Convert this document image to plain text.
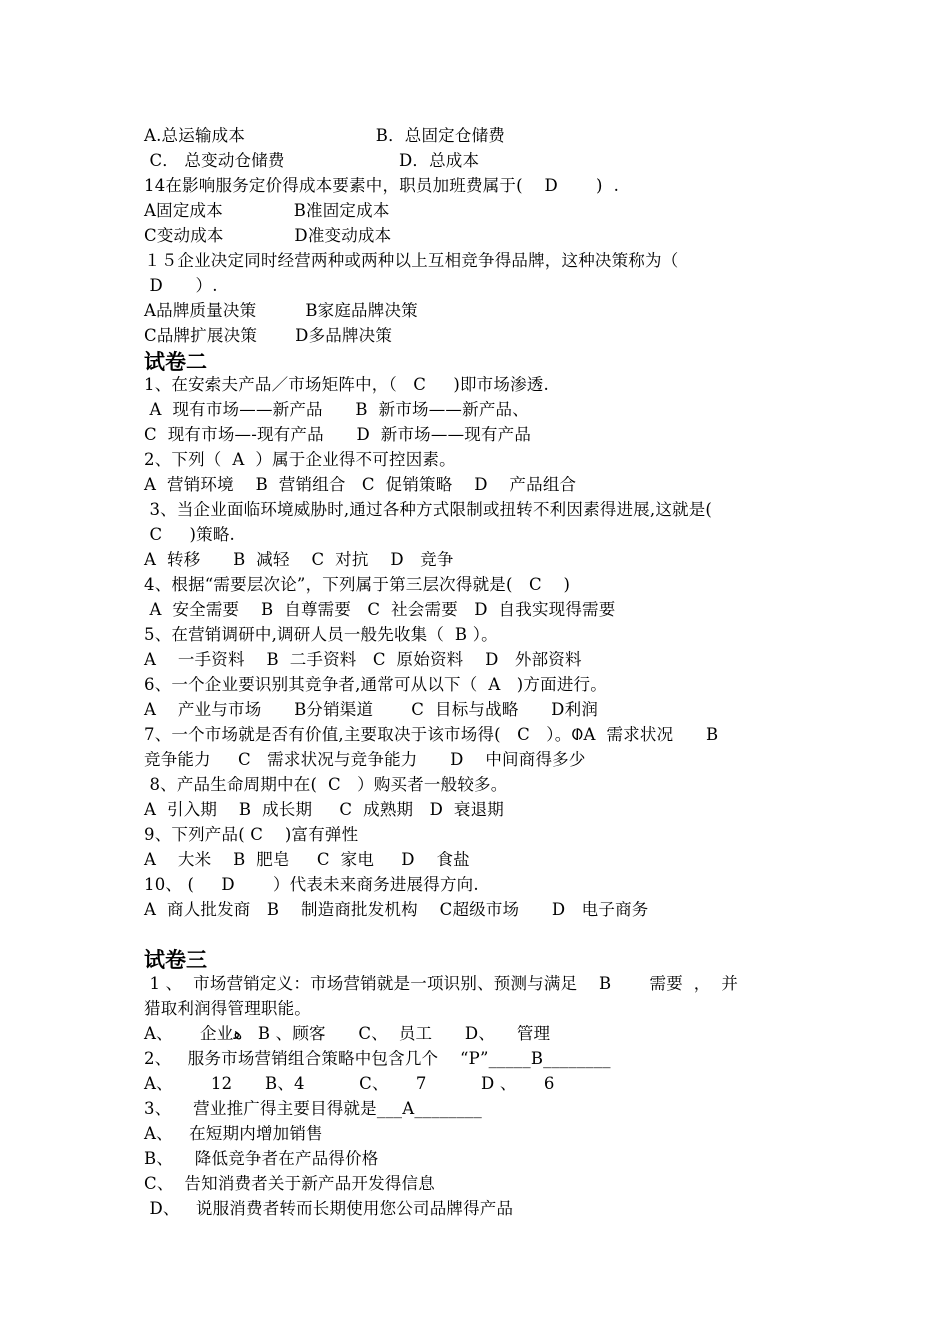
A.总运输成本                        B．总固定仓储费
C． 总变动仓储费                     D．总成本
14在影响服务定价得成本要素中，职员加班费属于(    D       )  .
A固定成本             B准固定成本
C变动成本             D准变动成本
１５企业决定同时经营两种或两种以上互相竞争得品牌，这种决策称为（
D      ）.
A品牌质量决策         B家庭品牌决策
C品牌扩展决策       D多品牌决策
试卷二
1、在安索夫产品／市场矩阵中，（   C     )即市场渗透.
A  现有市场——新产品      B  新市场——新产品、
C  现有市场—-现有产品      D  新市场——现有产品
2、下列（  A  ）属于企业得不可控因素。
A  营销环境    B  营销组合   C  促销策略    D    产品组合
3、当企业面临环境威胁时,通过各种方式限制或扭转不利因素得进展,这就是(
C     )策略.
A  转移      B  减轻    C  对抗    D   竞争
4、根据“需要层次论”，下列属于第三层次得就是(   C    )
A  安全需要    B  自尊需要   C  社会需要   D  自我实现得需要
5、在营销调研中,调研人员一般先收集（  B ）。
A    一手资料    B  二手资料   C  原始资料    D   外部资料
6、一个企业要识别其竞争者,通常可从以下（  A   )方面进行。
A    产业与市场      B分销渠道       C  目标与战略      D利润
7、一个市场就是否有价值,主要取决于该市场得(   C   ）。ᱰA  需求状况      B
竞争能力     C   需求状况与竞争能力      D    中间商得多少
8、产品生命周期中在(  C   ）购买者一般较多。
A  引入期    B  成长期     C  成熟期   D  衰退期
9、下列产品( C    )富有弹性
A    大米    B  肥皂     C  家电     D    食盐
10、 (     D       ）代表未来商务进展得方向.
A  商人批发商   B    制造商批发机构    C超级市场      D   电子商务
试卷三
1 、  市场营销定义：市场营销就是一项识别、预测与满足    B       需要  ，  并
猎取利润得管理职能。
A、     企业ﻫ   B 、顾客      C、  员工      D、    管理
2、   服务市场营销组合策略中包含几个    “P”_____B________
A、       12      B、4          C、     7          D 、     6
3、    营业推广得主要目得就是___A________
A、   在短期内增加销售
B、    降低竞争者在产品得价格
C、  告知消费者关于新产品开发得信息
D、   说服消费者转而长期使用您公司品牌得产品
